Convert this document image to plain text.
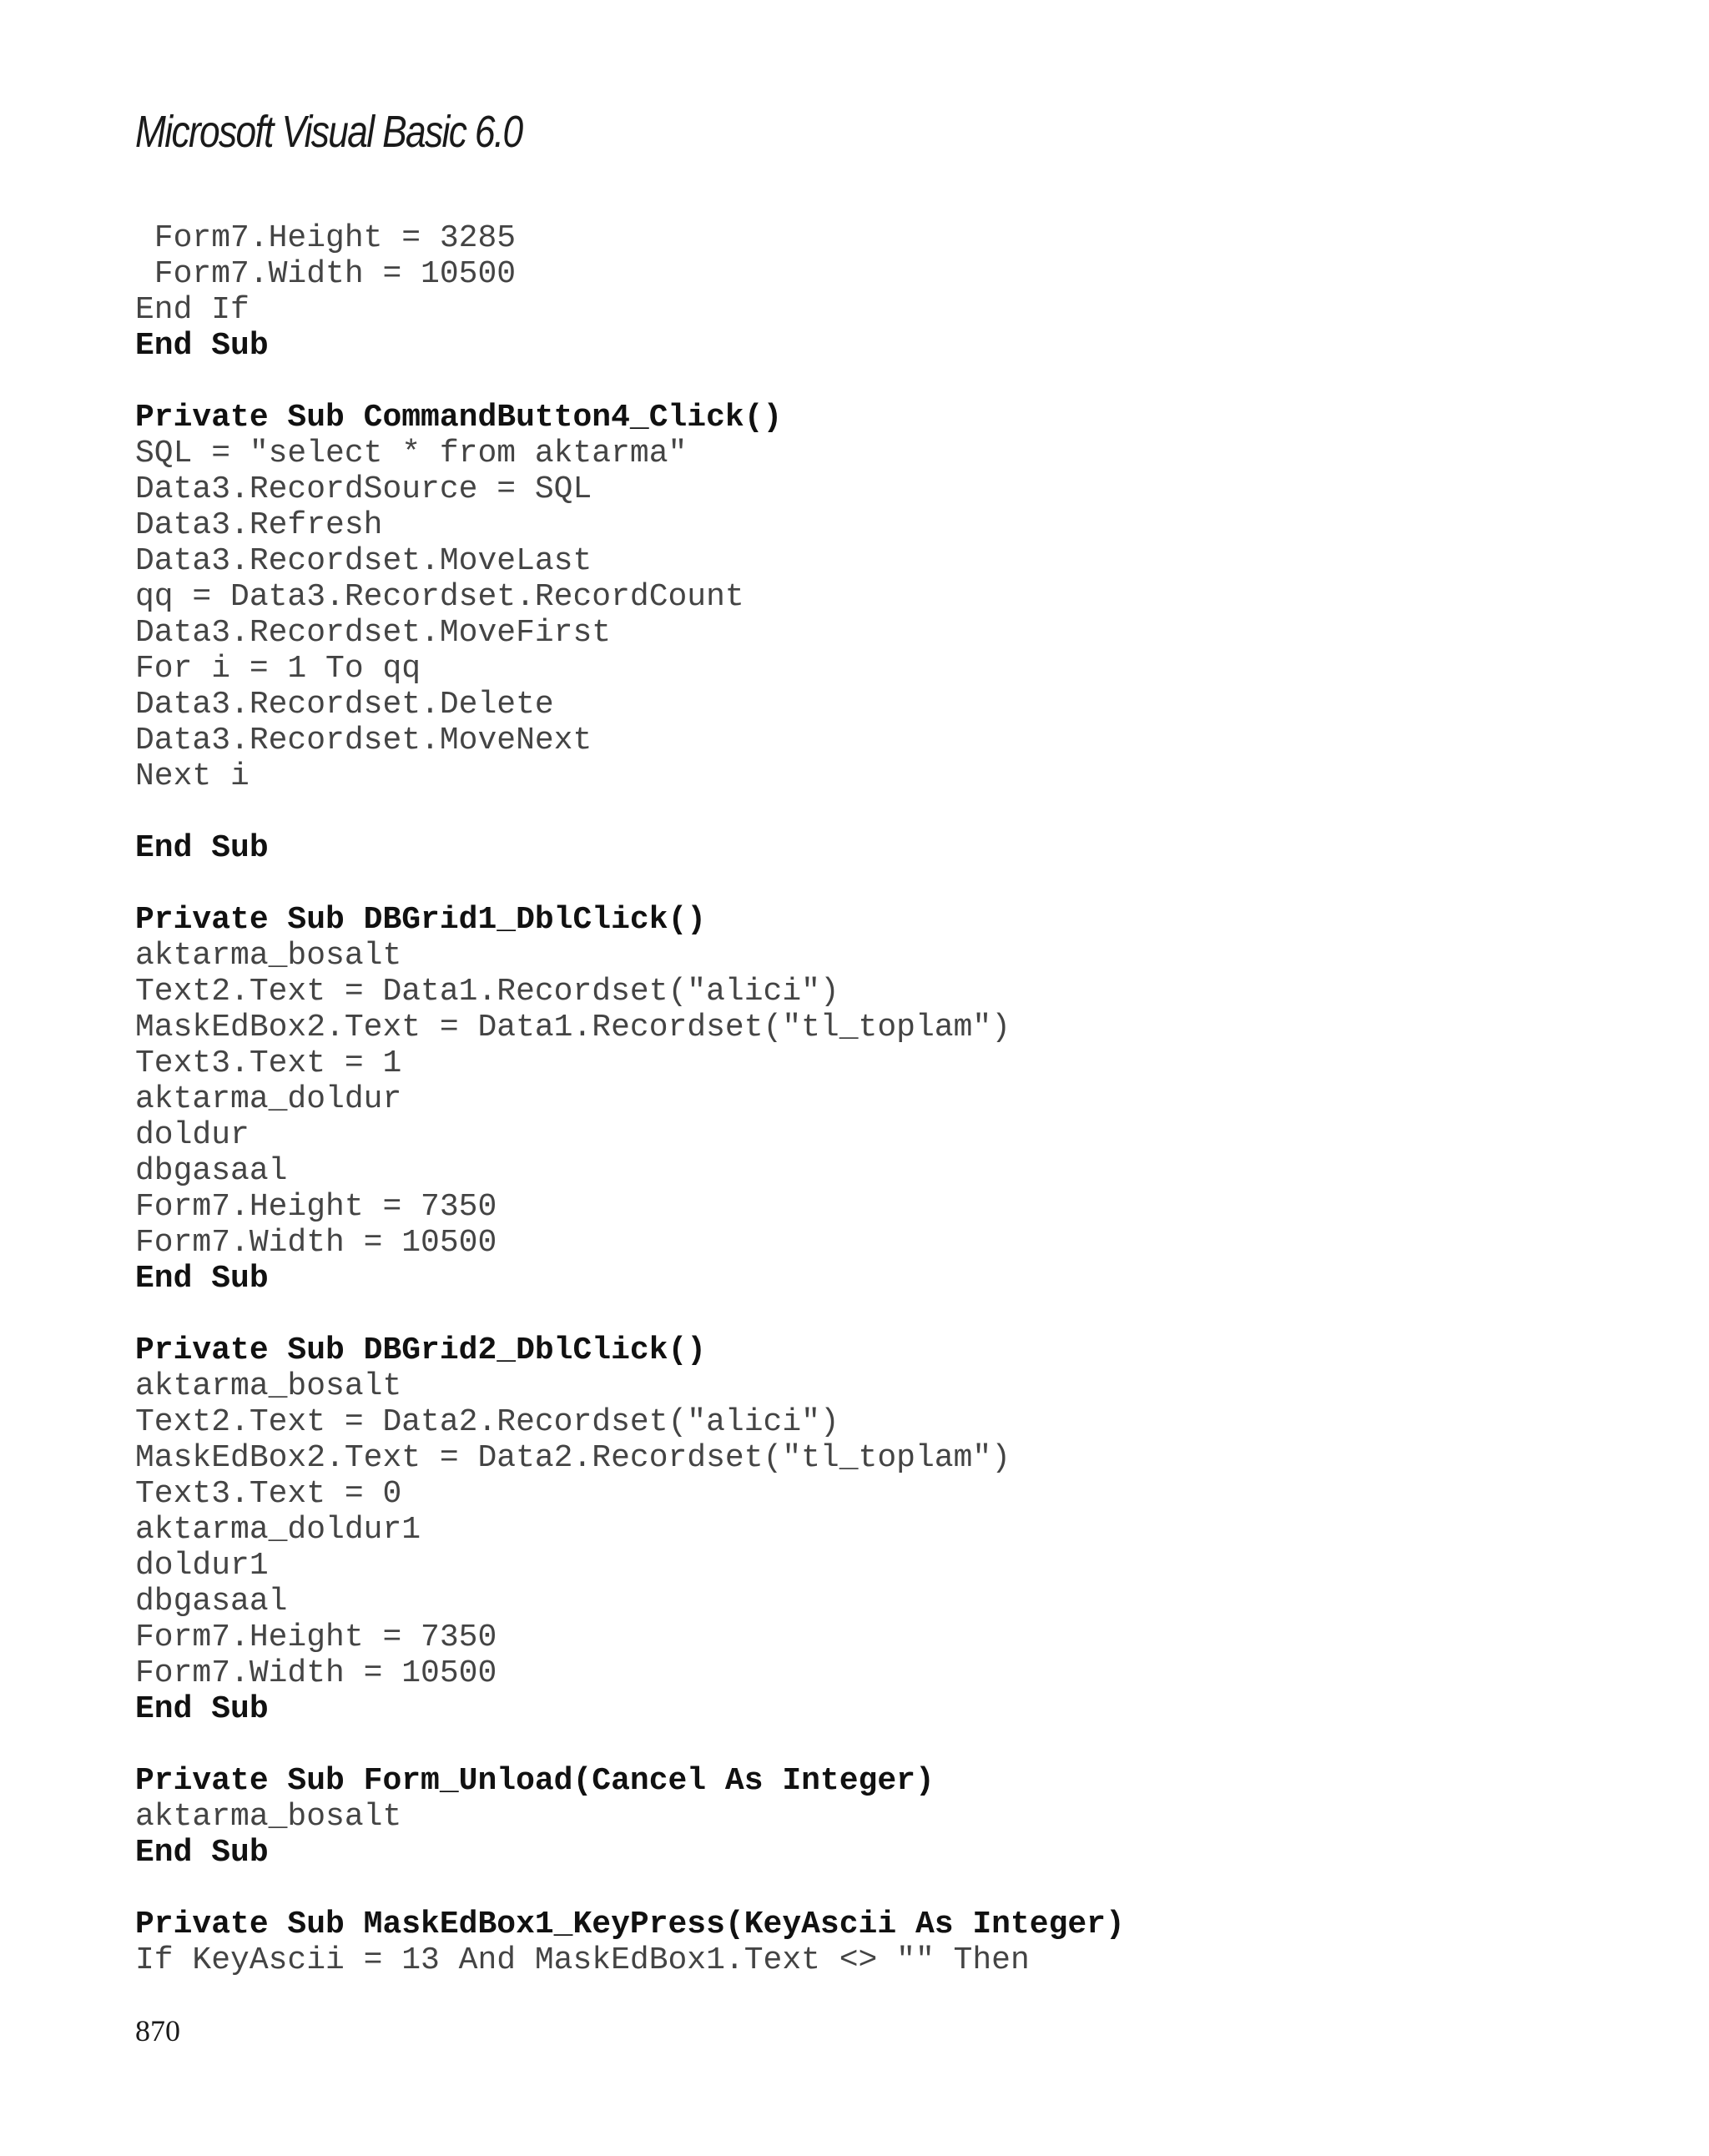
Microsoft Visual Basic 6.0
Form7.Height = 3285
Form7.Width = 10500
End If
End Sub
Private Sub CommandButton4_Click()
SQL = "select * from aktarma"
Data3.RecordSource = SQL
Data3.Refresh
Data3.Recordset.MoveLast
qq = Data3.Recordset.RecordCount
Data3.Recordset.MoveFirst
For i = 1 To qq
Data3.Recordset.Delete
Data3.Recordset.MoveNext
Next i
End Sub
Private Sub DBGrid1_DblClick()
aktarma_bosalt
Text2.Text = Data1.Recordset("alici")
MaskEdBox2.Text = Data1.Recordset("tl_toplam")
Text3.Text = 1
aktarma_doldur
doldur
dbgasaal
Form7.Height = 7350
Form7.Width = 10500
End Sub
Private Sub DBGrid2_DblClick()
aktarma_bosalt
Text2.Text = Data2.Recordset("alici")
MaskEdBox2.Text = Data2.Recordset("tl_toplam")
Text3.Text = 0
aktarma_doldur1
doldur1
dbgasaal
Form7.Height = 7350
Form7.Width = 10500
End Sub
Private Sub Form_Unload(Cancel As Integer)
aktarma_bosalt
End Sub
Private Sub MaskEdBox1_KeyPress(KeyAscii As Integer)
If KeyAscii = 13 And MaskEdBox1.Text <> "" Then

870
